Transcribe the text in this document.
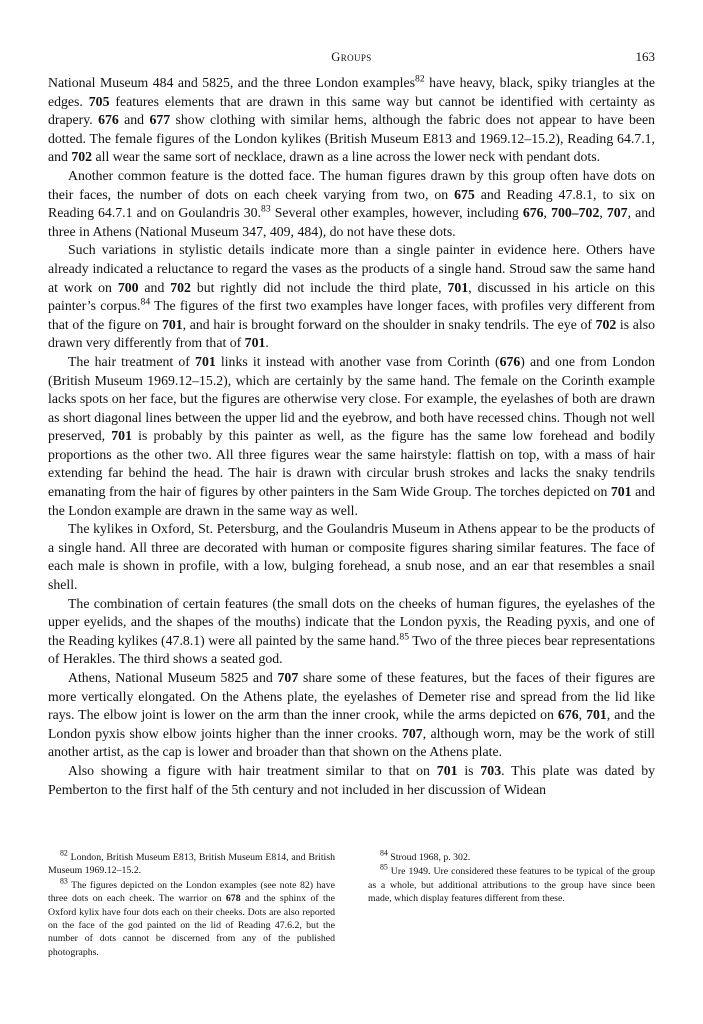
Groups	163

National Museum 484 and 5825, and the three London examples$^{82}$ have heavy, black, spiky triangles at the edges. 705 features elements that are drawn in this same way but cannot be identified with certainty as drapery. 676 and 677 show clothing with similar hems, although the fabric does not appear to have been dotted. The female figures of the London kylikes (British Museum E813 and 1969.12–15.2), Reading 64.7.1, and 702 all wear the same sort of necklace, drawn as a line across the lower neck with pendant dots.

Another common feature is the dotted face. The human figures drawn by this group often have dots on their faces, the number of dots on each cheek varying from two, on 675 and Reading 47.8.1, to six on Reading 64.7.1 and on Goulandris 30.83 Several other examples, however, including 676, 700–702, 707, and three in Athens (National Museum 347, 409, 484), do not have these dots.

Such variations in stylistic details indicate more than a single painter in evidence here. Others have already indicated a reluctance to regard the vases as the products of a single hand. Stroud saw the same hand at work on 700 and 702 but rightly did not include the third plate, 701, discussed in his article on this painter’s corpus.$^{84}$ The figures of the first two examples have longer faces, with profiles very different from that of the figure on 701, and hair is brought forward on the shoulder in snaky tendrils. The eye of 702 is also drawn very differently from that of 701.

The hair treatment of 701 links it instead with another vase from Corinth (676) and one from London (British Museum 1969.12–15.2), which are certainly by the same hand. The female on the Corinth example lacks spots on her face, but the figures are otherwise very close. For example, the eyelashes of both are drawn as short diagonal lines between the upper lid and the eyebrow, and both have recessed chins. Though not well preserved, 701 is probably by this painter as well, as the figure has the same low forehead and bodily proportions as the other two. All three figures wear the same hairstyle: flattish on top, with a mass of hair extending far behind the head. The hair is drawn with circular brush strokes and lacks the snaky tendrils emanating from the hair of figures by other painters in the Sam Wide Group. The torches depicted on 701 and the London example are drawn in the same way as well.

The kylikes in Oxford, St. Petersburg, and the Goulandris Museum in Athens appear to be the products of a single hand. All three are decorated with human or composite figures sharing similar features. The face of each male is shown in profile, with a low, bulging forehead, a snub nose, and an ear that resembles a snail shell.

The combination of certain features (the small dots on the cheeks of human figures, the eyelashes of the upper eyelids, and the shapes of the mouths) indicate that the London pyxis, the Reading pyxis, and one of the Reading kylikes (47.8.1) were all painted by the same hand.$^{85}$ Two of the three pieces bear representations of Herakles. The third shows a seated god.

Athens, National Museum 5825 and 707 share some of these features, but the faces of their figures are more vertically elongated. On the Athens plate, the eyelashes of Demeter rise and spread from the lid like rays. The elbow joint is lower on the arm than the inner crook, while the arms depicted on 676, 701, and the London pyxis show elbow joints higher than the inner crooks. 707, although worn, may be the work of still another artist, as the cap is lower and broader than that shown on the Athens plate.

Also showing a figure with hair treatment similar to that on 701 is 703. This plate was dated by Pemberton to the first half of the 5th century and not included in her discussion of Widean

$^{82}$ London, British Museum E813, British Museum E814, and British Museum 1969.12–15.2.

$^{83}$ The figures depicted on the London examples (see note 82) have three dots on each cheek. The warrior on 678 and the sphinx of the Oxford kylix have four dots each on their cheeks. Dots are also reported on the face of the god painted on the lid of Reading 47.6.2, but the number of dots cannot be discerned from any of the published photographs.

$^{84}$ Stroud 1968, p. 302.

$^{85}$ Ure 1949. Ure considered these features to be typical of the group as a whole, but additional attributions to the group have since been made, which display features different from these.
